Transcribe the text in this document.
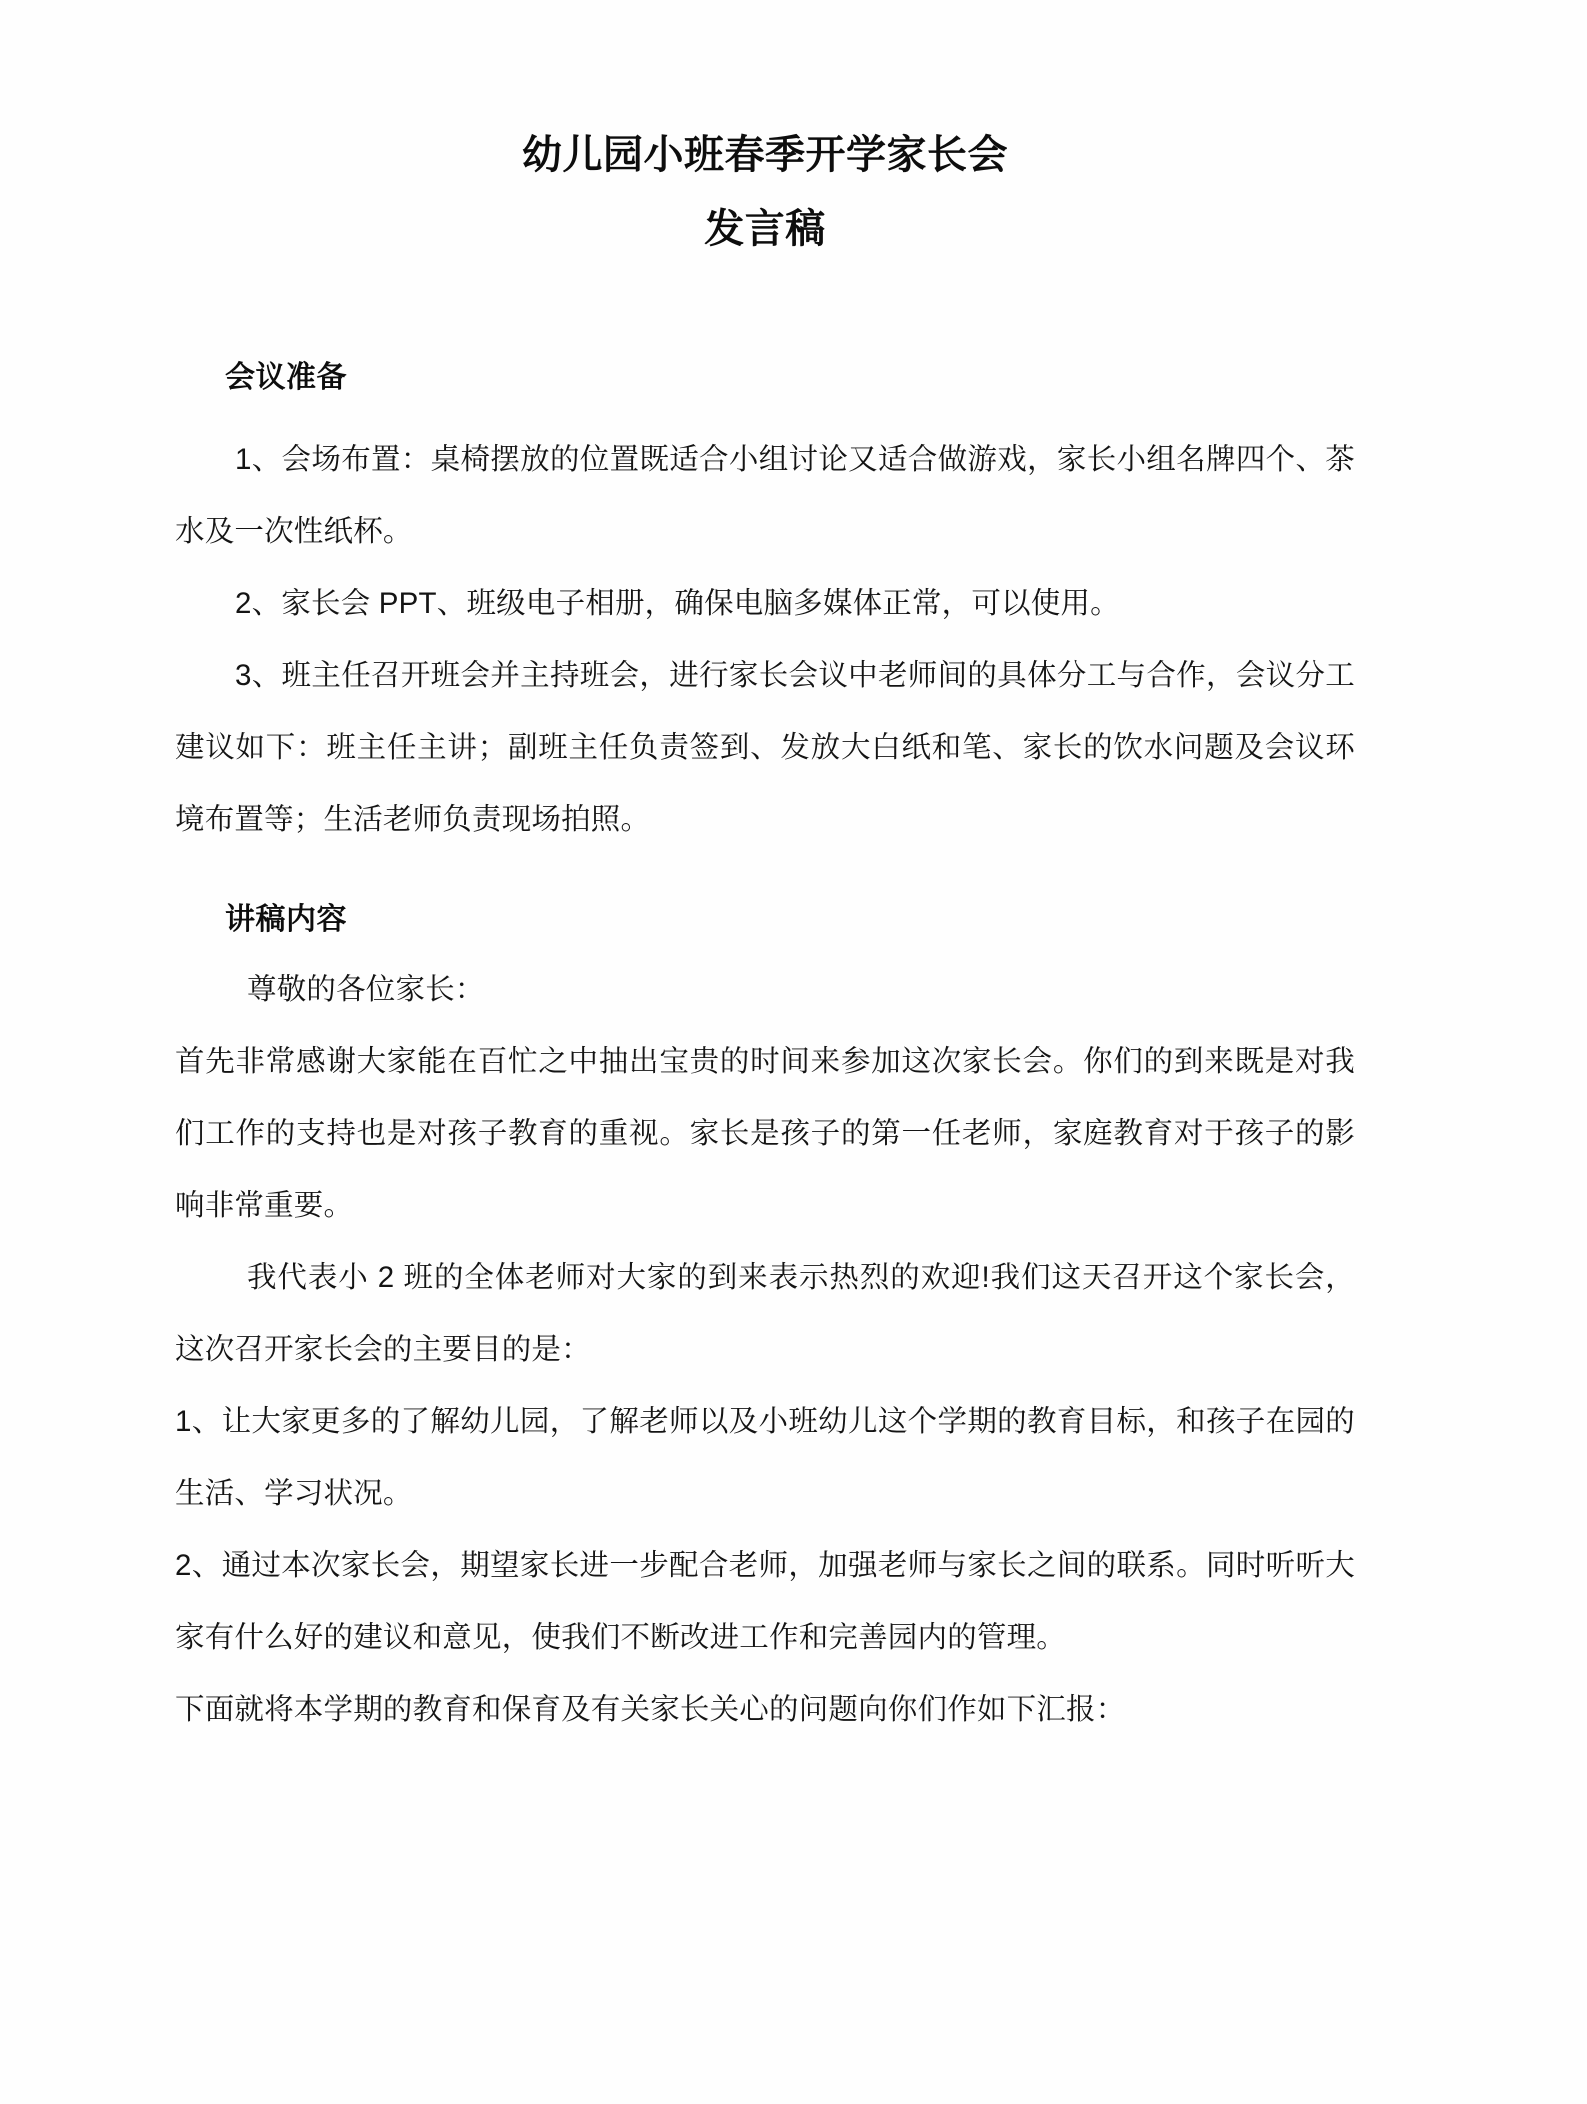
幼儿园小班春季开学家长会
发言稿
会议准备

1、会场布置：桌椅摆放的位置既适合小组讨论又适合做游戏，家长小组名牌四个、茶水及一次性纸杯。

2、家长会 PPT、班级电子相册，确保电脑多媒体正常，可以使用。

3、班主任召开班会并主持班会，进行家长会议中老师间的具体分工与合作，会议分工建议如下：班主任主讲；副班主任负责签到、发放大白纸和笔、家长的饮水问题及会议环境布置等；生活老师负责现场拍照。

讲稿内容

尊敬的各位家长：

首先非常感谢大家能在百忙之中抽出宝贵的时间来参加这次家长会。你们的到来既是对我们工作的支持也是对孩子教育的重视。家长是孩子的第一任老师，家庭教育对于孩子的影响非常重要。

我代表小 2 班的全体老师对大家的到来表示热烈的欢迎!我们这天召开这个家长会，这次召开家长会的主要目的是：

1、让大家更多的了解幼儿园，了解老师以及小班幼儿这个学期的教育目标，和孩子在园的生活、学习状况。

2、通过本次家长会，期望家长进一步配合老师，加强老师与家长之间的联系。同时听听大家有什么好的建议和意见，使我们不断改进工作和完善园内的管理。

下面就将本学期的教育和保育及有关家长关心的问题向你们作如下汇报：
